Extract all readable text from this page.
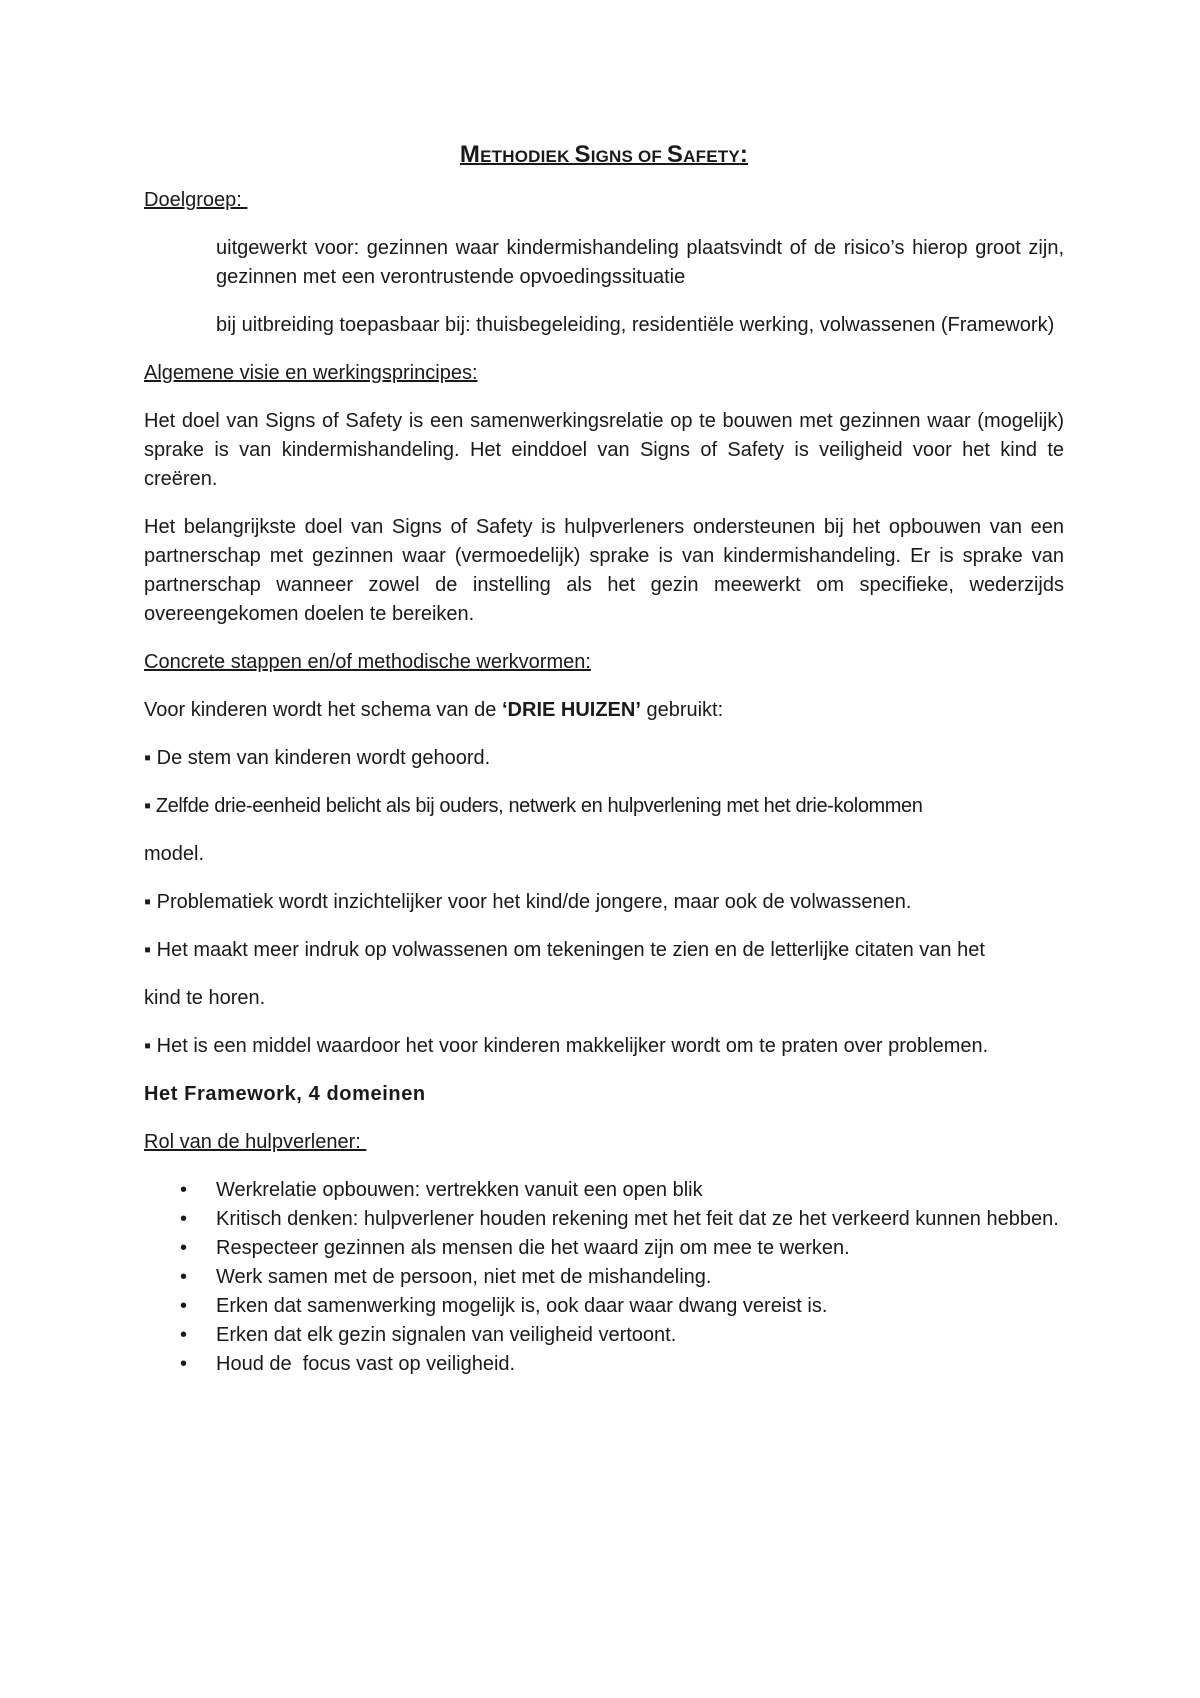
METHODIEK SIGNS OF SAFETY:
Doelgroep:
uitgewerkt voor: gezinnen waar kindermishandeling plaatsvindt of de risico’s hierop groot zijn, gezinnen met een verontrustende opvoedingssituatie
bij uitbreiding toepasbaar bij: thuisbegeleiding, residentiële werking, volwassenen (Framework)
Algemene visie en werkingsprincipes:
Het doel van Signs of Safety is een samenwerkingsrelatie op te bouwen met gezinnen waar (mogelijk) sprake is van kindermishandeling. Het einddoel van Signs of Safety is veiligheid voor het kind te creëren.
Het belangrijkste doel van Signs of Safety is hulpverleners ondersteunen bij het opbouwen van een partnerschap met gezinnen waar (vermoedelijk) sprake is van kindermishandeling. Er is sprake van partnerschap wanneer zowel de instelling als het gezin meewerkt om specifieke, wederzijds overeengekomen doelen te bereiken.
Concrete stappen en/of methodische werkvormen:
Voor kinderen wordt het schema van de ‘DRIE HUIZEN’ gebruikt:
▪ De stem van kinderen wordt gehoord.
▪ Zelfde drie-eenheid belicht als bij ouders, netwerk en hulpverlening met het drie-kolommen
model.
▪ Problematiek wordt inzichtelijker voor het kind/de jongere, maar ook de volwassenen.
▪ Het maakt meer indruk op volwassenen om tekeningen te zien en de letterlijke citaten van het
kind te horen.
▪ Het is een middel waardoor het voor kinderen makkelijker wordt om te praten over problemen.
Het Framework, 4 domeinen
Rol van de hulpverlener:
• Werkrelatie opbouwen: vertrekken vanuit een open blik
• Kritisch denken: hulpverlener houden rekening met het feit dat ze het verkeerd kunnen hebben.
• Respecteer gezinnen als mensen die het waard zijn om mee te werken.
• Werk samen met de persoon, niet met de mishandeling.
• Erken dat samenwerking mogelijk is, ook daar waar dwang vereist is.
• Erken dat elk gezin signalen van veiligheid vertoont.
• Houd de  focus vast op veiligheid.
